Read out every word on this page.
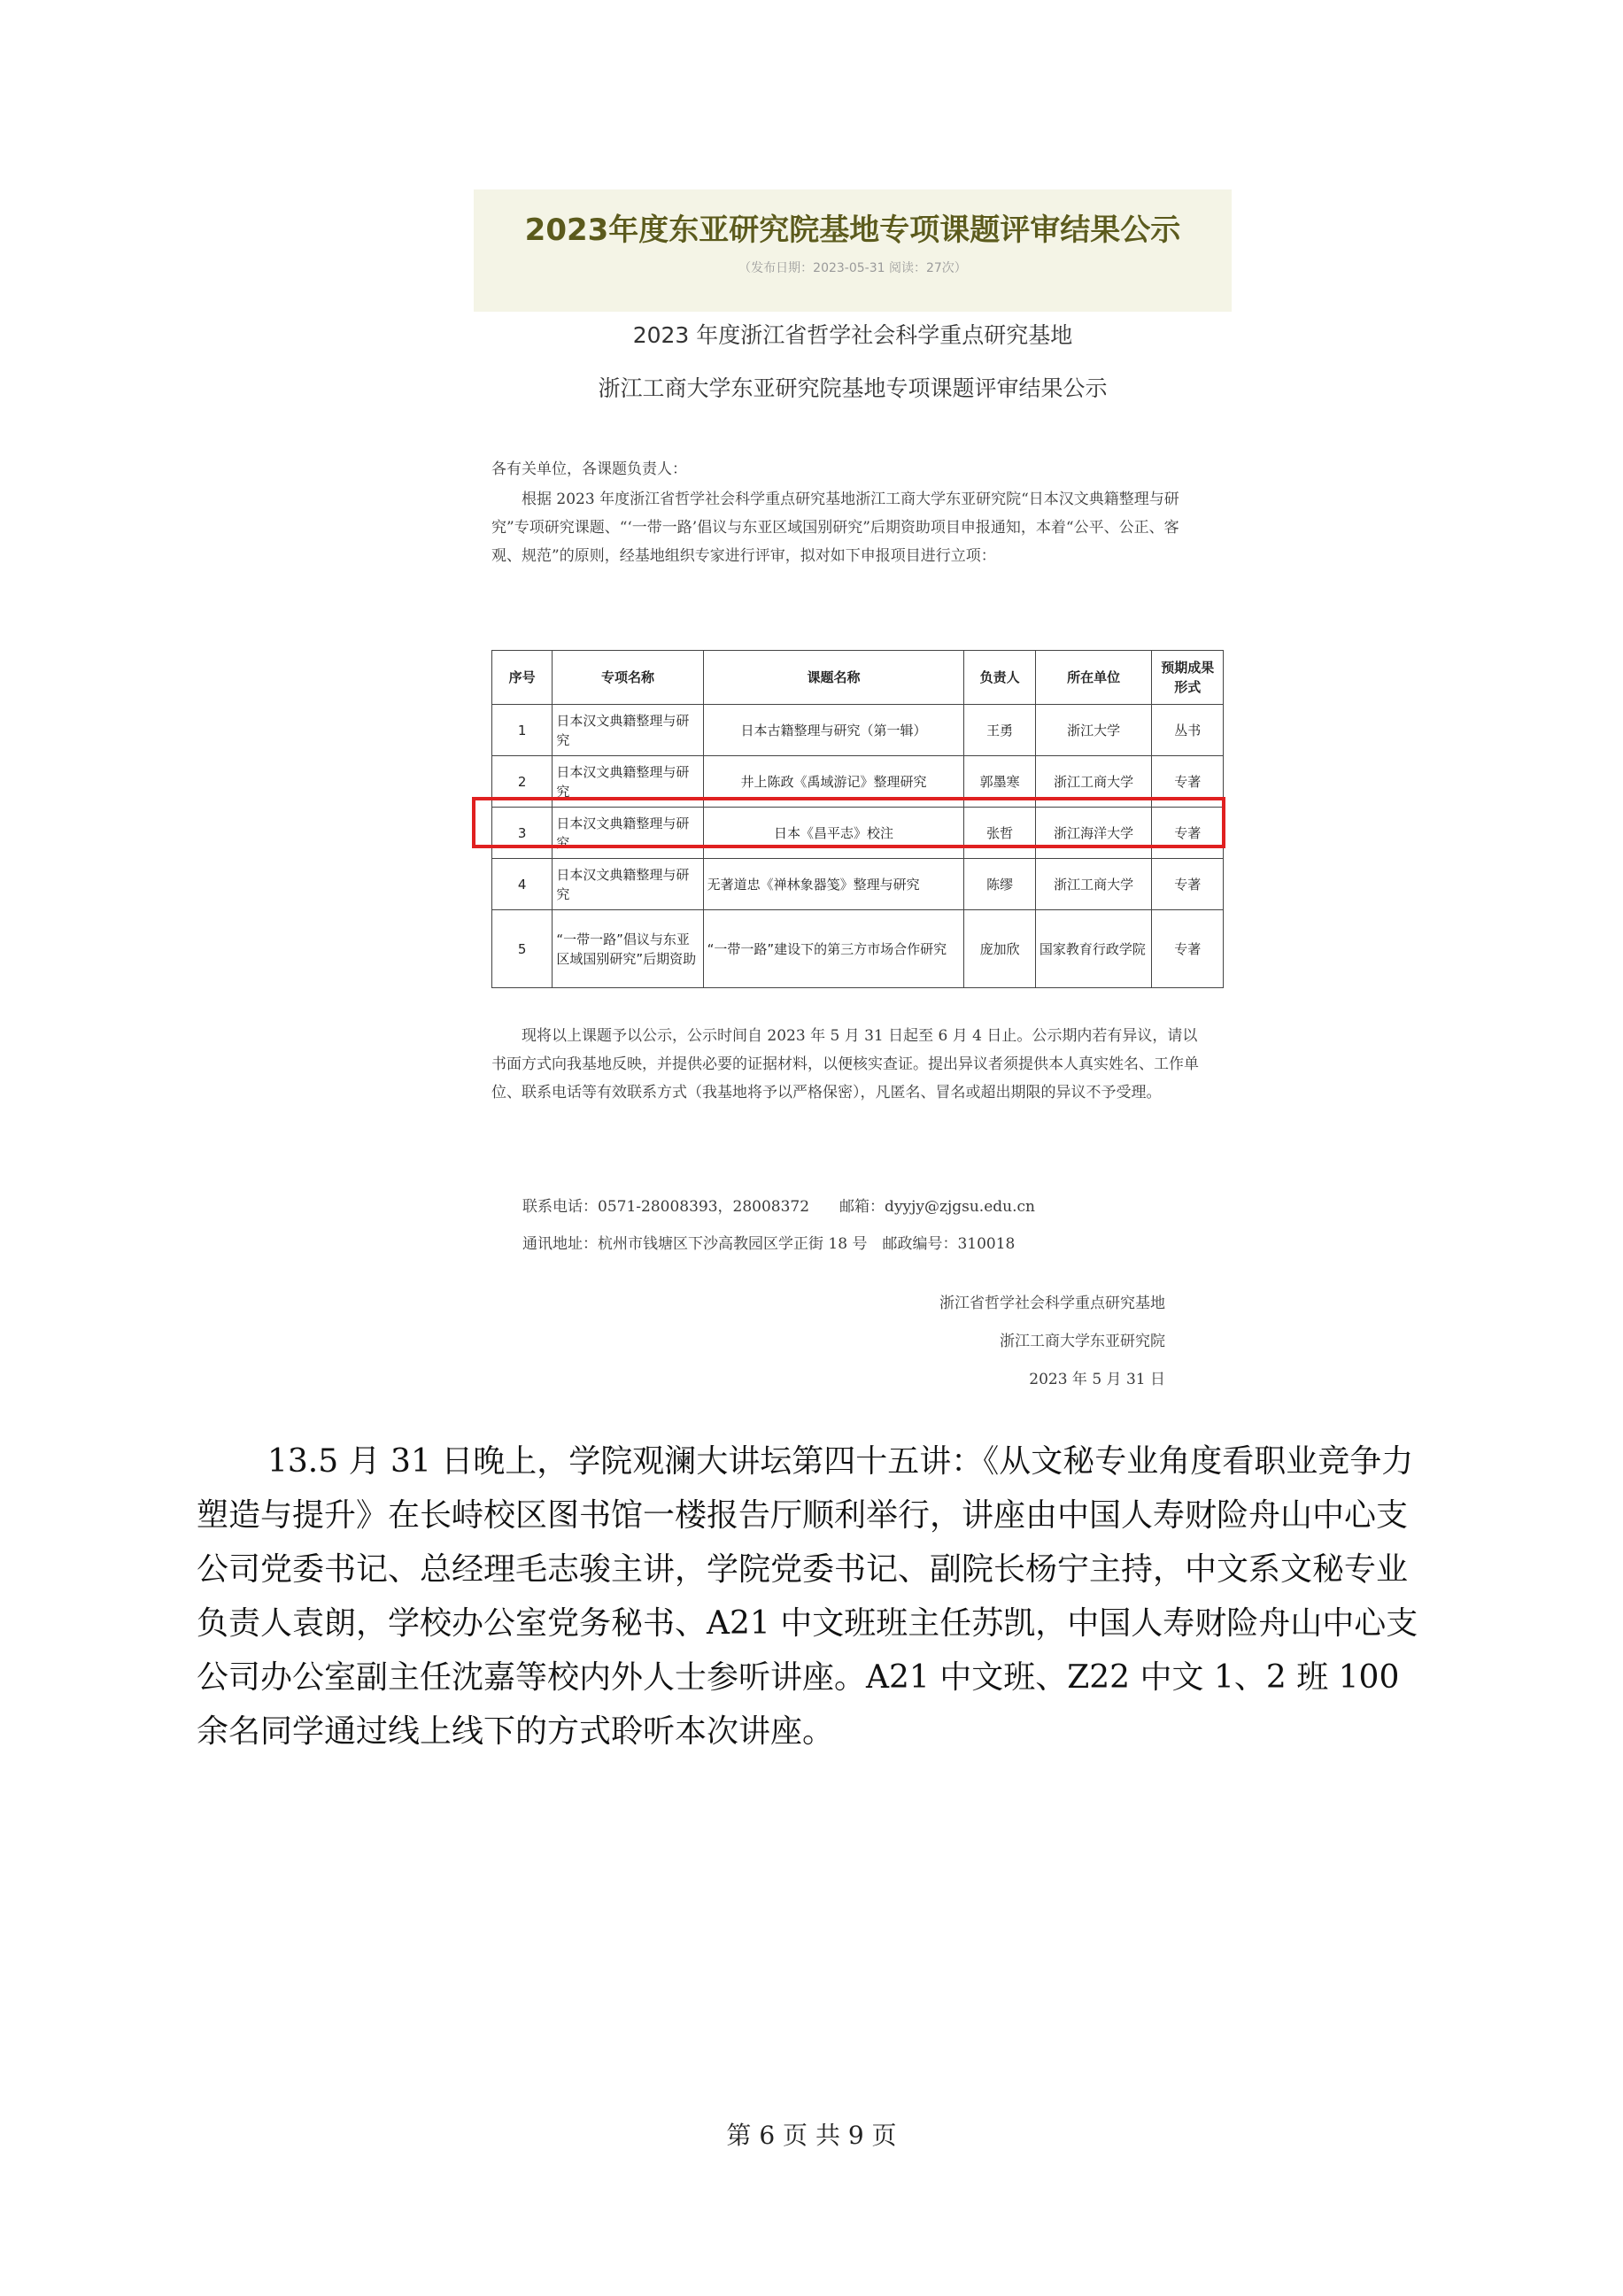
2023年度东亚研究院基地专项课题评审结果公示
（发布日期：2023-05-31 阅读：27次）
2023 年度浙江省哲学社会科学重点研究基地
浙江工商大学东亚研究院基地专项课题评审结果公示

各有关单位，各课题负责人：

根据 2023 年度浙江省哲学社会科学重点研究基地浙江工商大学东亚研究院“日本汉文典籍整理与研究”专项研究课题、“‘一带一路’倡议与东亚区域国别研究”后期资助项目申报通知，本着“公平、公正、客观、规范”的原则，经基地组织专家进行评审，拟对如下申报项目进行立项：

序号	专项名称	课题名称	负责人	所在单位	预期成果形式
1	日本汉文典籍整理与研究	日本古籍整理与研究（第一辑）	王勇	浙江大学	丛书
2	日本汉文典籍整理与研究	井上陈政《禹域游记》整理研究	郭墨寒	浙江工商大学	专著
3	日本汉文典籍整理与研究	日本《昌平志》校注	张哲	浙江海洋大学	专著
4	日本汉文典籍整理与研究	无著道忠《禅林象器笺》整理与研究	陈缪	浙江工商大学	专著
5	“一带一路”倡议与东亚区域国别研究”后期资助	“一带一路”建设下的第三方市场合作研究	庞加欣	国家教育行政学院	专著

现将以上课题予以公示，公示时间自 2023 年 5 月 31 日起至 6 月 4 日止。公示期内若有异议，请以书面方式向我基地反映，并提供必要的证据材料，以便核实查证。提出异议者须提供本人真实姓名、工作单位、联系电话等有效联系方式（我基地将予以严格保密），凡匿名、冒名或超出期限的异议不予受理。

联系电话：0571-28008393，28008372　　邮箱：dyyjy@zjgsu.edu.cn

通讯地址：杭州市钱塘区下沙高教园区学正街 18 号　邮政编号：310018

浙江省哲学社会科学重点研究基地
浙江工商大学东亚研究院
2023 年 5 月 31 日

13.5 月 31 日晚上，学院观澜大讲坛第四十五讲：《从文秘专业角度看职业竞争力塑造与提升》在长峙校区图书馆一楼报告厅顺利举行，讲座由中国人寿财险舟山中心支公司党委书记、总经理毛志骏主讲，学院党委书记、副院长杨宁主持，中文系文秘专业负责人袁朗，学校办公室党务秘书、A21 中文班班主任苏凯，中国人寿财险舟山中心支公司办公室副主任沈嘉等校内外人士参听讲座。A21 中文班、Z22 中文 1、2 班 100 余名同学通过线上线下的方式聆听本次讲座。

第 6 页 共 9 页
